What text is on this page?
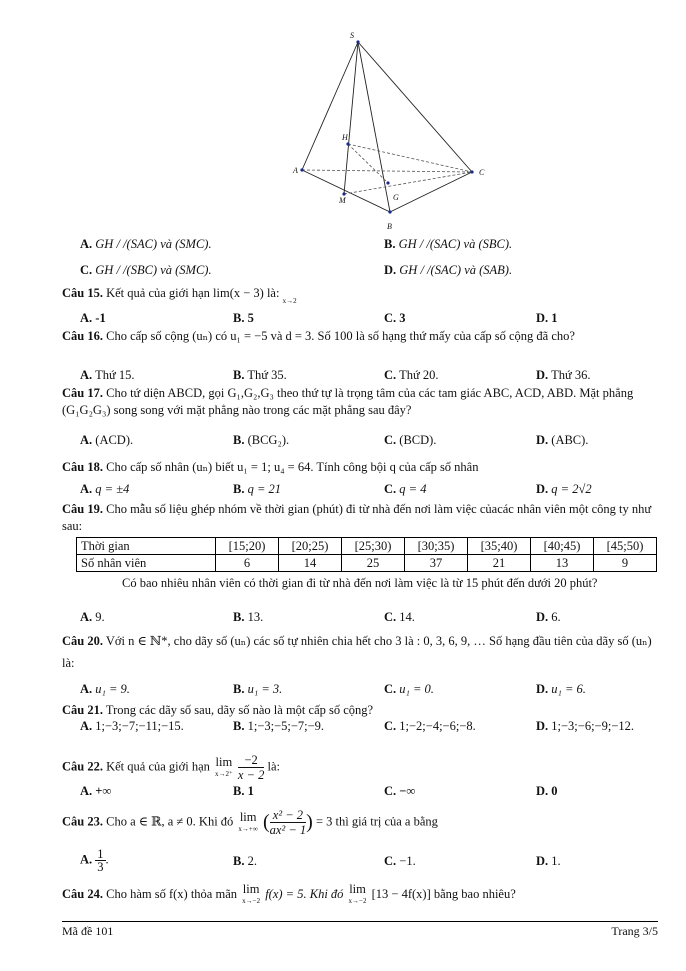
S
H
A	C
G
M
B
A. GH / /(SAC) và (SMC).	B. GH / /(SAC) và (SBC).
C. GH / /(SBC) và (SMC).	D. GH / /(SAC) và (SAB).
Câu 15. Kết quả của giới hạn lim(x − 3) là: $_{x\to 2}$
A. -1	B. 5	C. 3	D. 1
Câu 16. Cho cấp số cộng (uₙ) có u₁ = −5 và d = 3. Số 100 là số hạng thứ mấy của cấp số cộng đã cho?
A. Thứ 15.	B. Thứ 35.	C. Thứ 20.	D. Thứ 36.
Câu 17. Cho tứ diện ABCD, gọi G₁,G₂,G₃ theo thứ tự là trọng tâm của các tam giác ABC, ACD, ABD. Mặt phẳng (G₁G₂G₃) song song với mặt phẳng nào trong các mặt phẳng sau đây?
A. (ACD).	B. (BCG₂).	C. (BCD).	D. (ABC).
Câu 18. Cho cấp số nhân (uₙ) biết u₁ = 1; u₄ = 64. Tính công bội q của cấp số nhân
A. q = ±4	B. q = 21	C. q = 4	D. q = 2√2
Câu 19. Cho mẫu số liệu ghép nhóm về thời gian (phút) đi từ nhà đến nơi làm việc củacác nhân viên một công ty như sau:
Thời gian	[15;20)	[20;25)	[25;30)	[30;35)	[35;40)	[40;45)	[45;50)
Số nhân viên	6	14	25	37	21	13	9
Có bao nhiêu nhân viên có thời gian đi từ nhà đến nơi làm việc là từ 15 phút đến dưới 20 phút?
A. 9.	B. 13.	C. 14.	D. 6.
Câu 20. Với n ∈ ℕ*, cho dãy số (uₙ) các số tự nhiên chia hết cho 3 là : 0, 3, 6, 9, … Số hạng đầu tiên của dãy số (uₙ) là:
A. u₁ = 9.	B. u₁ = 3.	C. u₁ = 0.	D. u₁ = 6.
Câu 21. Trong các dãy số sau, dãy số nào là một cấp số cộng?
A. 1;−3;−7;−11;−15.	B. 1;−3;−5;−7;−9.	C. 1;−2;−4;−6;−8.	D. 1;−3;−6;−9;−12.
Câu 22. Kết quả của giới hạn lim
$x\to 2^+ \frac{-2}{x - 2}$ là:
A. +∞	B. 1	C. −∞	D. 0
Câu 23. Cho a ∈ ℝ, a ≠ 0. Khi đó lim
x→+∞ ( $\frac{\text{x² − 2}}{\text{ax² − 1}}$ ) = 3 thì giá trị của a bằng
A. $\frac{1}{3}$ .	B. 2.	C. −1.	D. 1.
Câu 24. Cho hàm số f(x) thỏa mãn lim
x→−2 f(x) = 5. Khi đó lim
x→−2 [13 − 4f(x)] bằng bao nhiêu?
Mã đề 101	Trang 3/5
